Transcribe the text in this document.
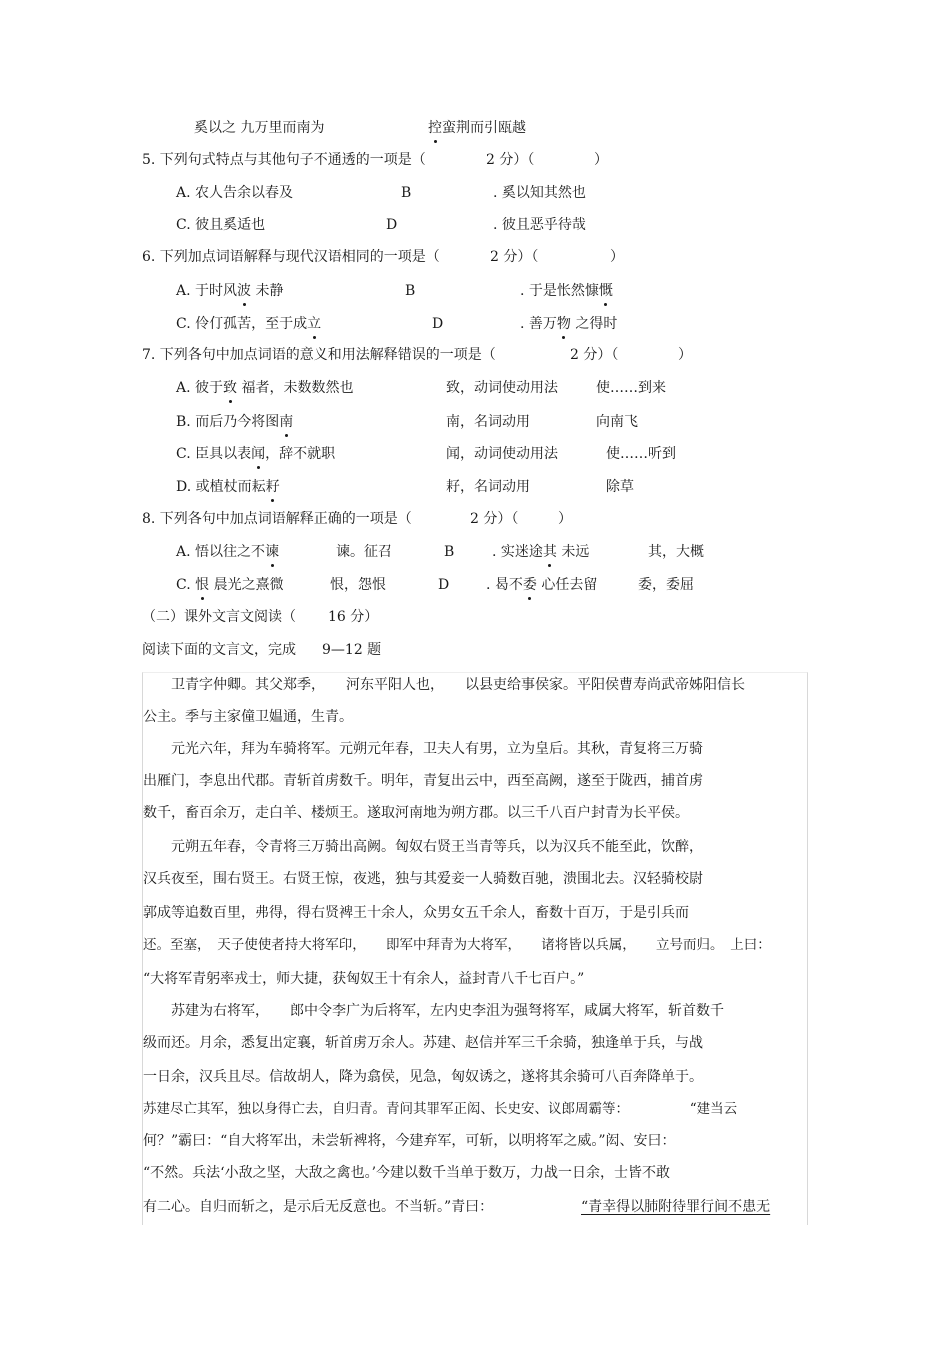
奚以之 九万里而南为	控蛮荆而引瓯越
5. 下列句式特点与其他句子不通透的一项是（	2 分）（	）
A. 农人告余以春及	B	. 奚以知其然也
C. 彼且奚适也	D	. 彼且恶乎待哉
6. 下列加点词语解释与现代汉语相同的一项是（	2 分）（	）
A. 于时风波 未静	B	. 于是怅然慷慨
C. 伶仃孤苦，至于成立	D	. 善万物 之得时
7. 下列各句中加点词语的意义和用法解释错误的一项是（	2 分）（	）
A. 彼于致 福者，未数数然也	致，动词使动用法	使……到来
B. 而后乃今将图南	南，名词动用	向南飞
C. 臣具以表闻，辞不就职	闻，动词使动用法	使……听到
D. 或植杖而耘耔	耔，名词动用	除草
8. 下列各句中加点词语解释正确的一项是（	2 分）（	）
A. 悟以往之不谏	谏。征召	B	. 实迷途其 未远	其，大概
C. 恨 晨光之熹微	恨，怨恨	D	. 曷不委 心任去留	委，委屈
（二）课外文言文阅读（ 16 分）
阅读下面的文言文，完成 9—12 题
　　卫青字仲卿。其父郑季，　　河东平阳人也，　　以县吏给事侯家。平阳侯曹寿尚武帝姊阳信长
公主。季与主家僮卫媪通，生青。
　　元光六年，拜为车骑将军。元朔元年春，卫夫人有男，立为皇后。其秋，青复将三万骑
出雁门，李息出代郡。青斩首虏数千。明年，青复出云中，西至高阙，遂至于陇西，捕首虏
数千，畜百余万，走白羊、楼烦王。遂取河南地为朔方郡。以三千八百户封青为长平侯。
　　元朔五年春，令青将三万骑出高阙。匈奴右贤王当青等兵，以为汉兵不能至此，饮醉，
汉兵夜至，围右贤王。右贤王惊，夜逃，独与其爱妾一人骑数百驰，溃围北去。汉轻骑校尉
郭成等追数百里，弗得，得右贤裨王十余人，众男女五千余人，畜数十百万，于是引兵而
还。至塞，　天子使使者持大将军印，　　即军中拜青为大将军，　　诸将皆以兵属，　　立号而归。　上曰：
“大将军青躬率戎士，师大捷，获匈奴王十有余人，益封青八千七百户。”
　　苏建为右将军，　　郎中令李广为后将军，左内史李沮为强弩将军，咸属大将军，斩首数千
级而还。月余，悉复出定襄，斩首虏万余人。苏建、赵信并军三千余骑，独逢单于兵，与战
一日余，汉兵且尽。信故胡人，降为翕侯，见急，匈奴诱之，遂将其余骑可八百奔降单于。
苏建尽亡其军，独以身得亡去，自归青。青问其罪军正闳、长史安、议郎周霸等：　　　　　“建当云
何？”霸曰：“自大将军出，未尝斩裨将，今建弃军，可斩，以明将军之威。”闳、安曰：
“不然。兵法‘小敌之坚，大敌之禽也。’今建以数千当单于数万，力战一日余，士皆不敢
有二心。自归而斩之，是示后无反意也。不当斩。”青曰：	“青幸得以肺附待罪行间不患无
